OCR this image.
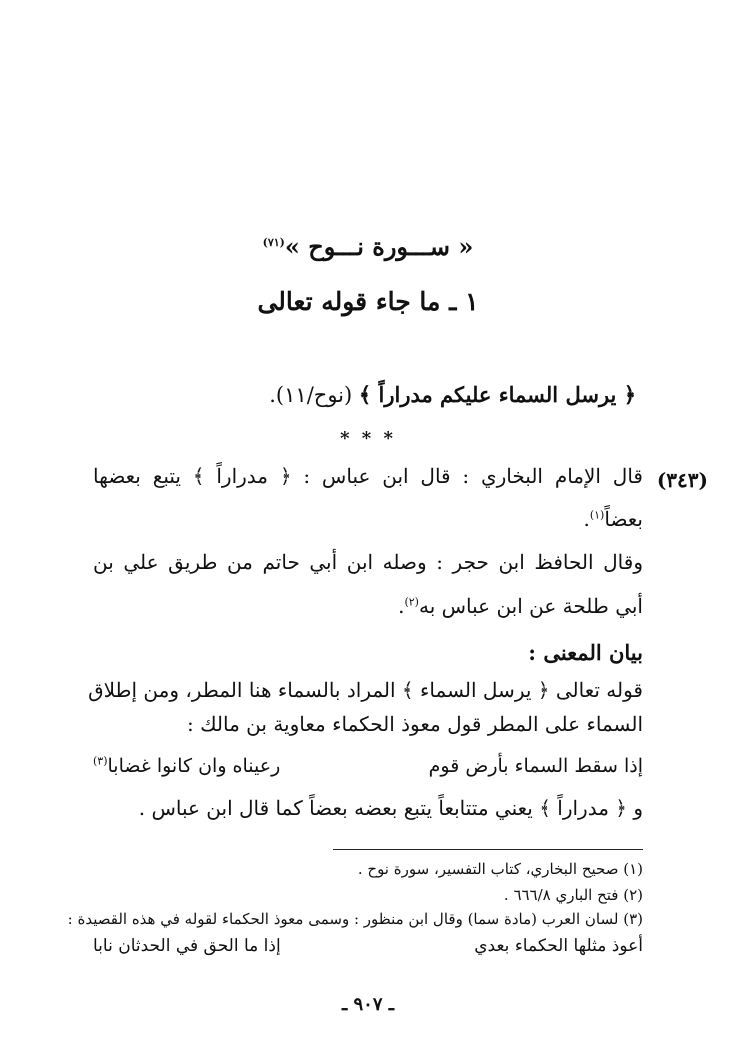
« ســـورة نـــوح »$^{(٧١)}$
١ ـ ما جاء قوله تعالى
﴿ يرسل السماء عليكم مدراراً ﴾ (نوح/١١).
* * *
(٣٤٣)
قال الإمام البخاري : قال ابن عباس : ﴿ مدراراً ﴾ يتبع بعضها
بعضاً$^{(١)}$.
وقال الحافظ ابن حجر : وصله ابن أبي حاتم من طريق علي بن
أبي طلحة عن ابن عباس به$^{(٢)}$.
بيان المعنى :
قوله تعالى ﴿ يرسل السماء ﴾ المراد بالسماء هنا المطر، ومن إطلاق
السماء على المطر قول معوذ الحكماء معاوية بن مالك :
إذا سقط السماء بأرض قوم
رعيناه وان كانوا غضابا$^{(٣)}$
و ﴿ مدراراً ﴾ يعني متتابعاً يتبع بعضه بعضاً كما قال ابن عباس .
(١) صحيح البخاري، كتاب التفسير، سورة نوح .
(٢) فتح الباري ٦٦٦/٨ .
(٣) لسان العرب (مادة سما) وقال ابن منظور : وسمى معوذ الحكماء لقوله في هذه القصيدة :
أعوذ مثلها الحكماء بعدي
إذا ما الحق في الحدثان نابا
ـ ٩٠٧ ـ
